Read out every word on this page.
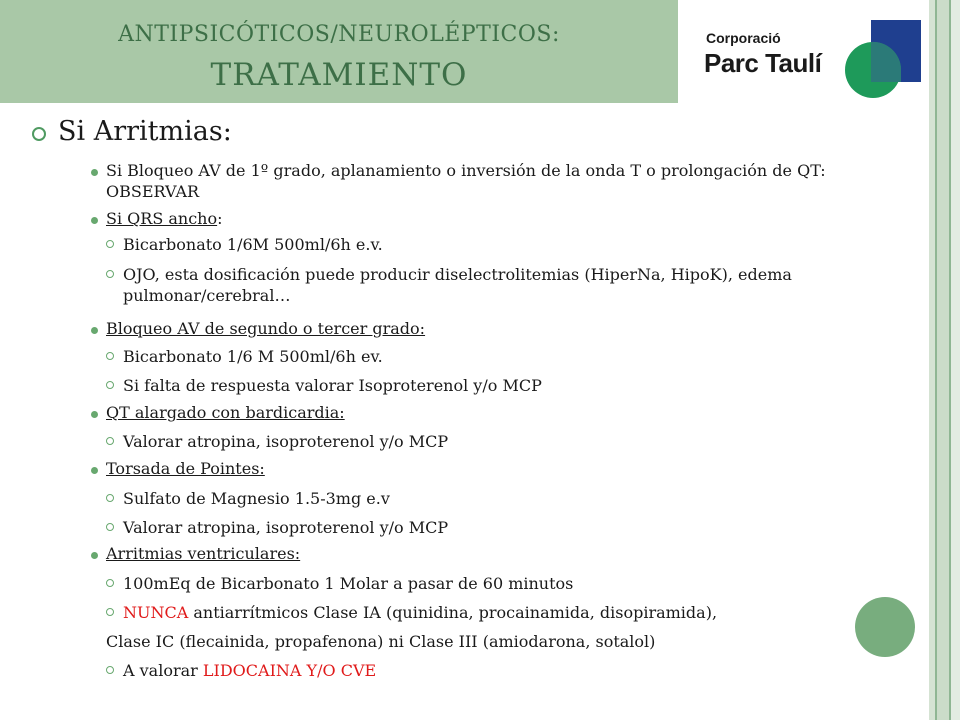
ANTIPSICÓTICOS/NEUROLÉPTICOS:
TRATAMIENTO
Corporació
Parc Taulí
Si Arritmias:
Si Bloqueo AV de 1º grado, aplanamiento o inversión de la onda T o prolongación de QT: OBSERVAR
Si QRS ancho:
Bicarbonato 1/6M 500ml/6h e.v.
OJO, esta dosificación puede producir diselectrolitemias (HiperNa, HipoK), edema pulmonar/cerebral…
Bloqueo AV de segundo o tercer grado:
Bicarbonato 1/6 M 500ml/6h ev.
Si falta de respuesta valorar Isoproterenol y/o MCP
QT alargado con bardicardia:
Valorar atropina, isoproterenol y/o MCP
Torsada de Pointes:
Sulfato de Magnesio 1.5-3mg e.v
Valorar atropina, isoproterenol y/o MCP
Arritmias ventriculares:
100mEq de Bicarbonato 1 Molar a pasar de 60 minutos
NUNCA antiarrítmicos Clase IA (quinidina, procainamida, disopiramida),
Clase IC (flecainida, propafenona) ni Clase III (amiodarona, sotalol)
A valorar LIDOCAINA Y/O CVE
